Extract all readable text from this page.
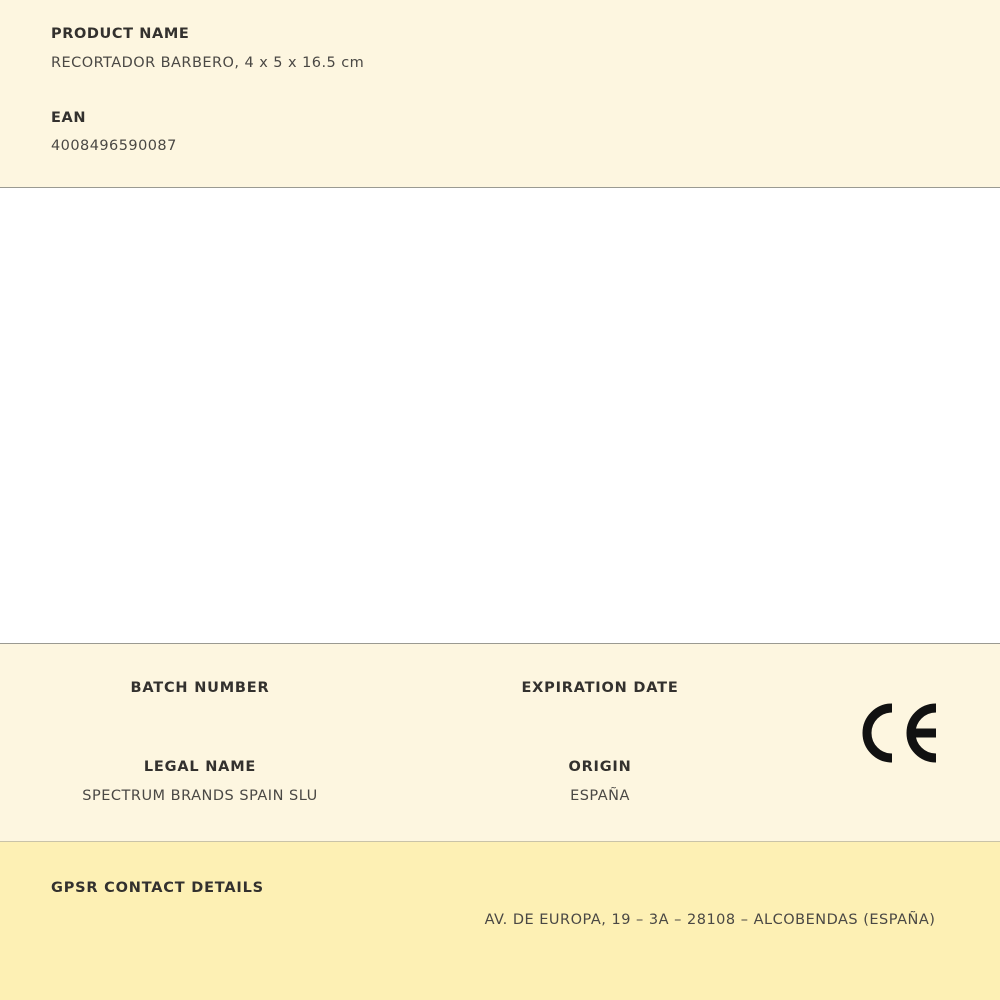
PRODUCT NAME
RECORTADOR BARBERO, 4 x 5 x 16.5 cm
EAN
4008496590087
BATCH NUMBER	EXPIRATION DATE
LEGAL NAME
SPECTRUM BRANDS SPAIN SLU
ORIGIN
ESPAÑA
GPSR CONTACT DETAILS
AV. DE EUROPA, 19 – 3A – 28108 – ALCOBENDAS (ESPAÑA)
